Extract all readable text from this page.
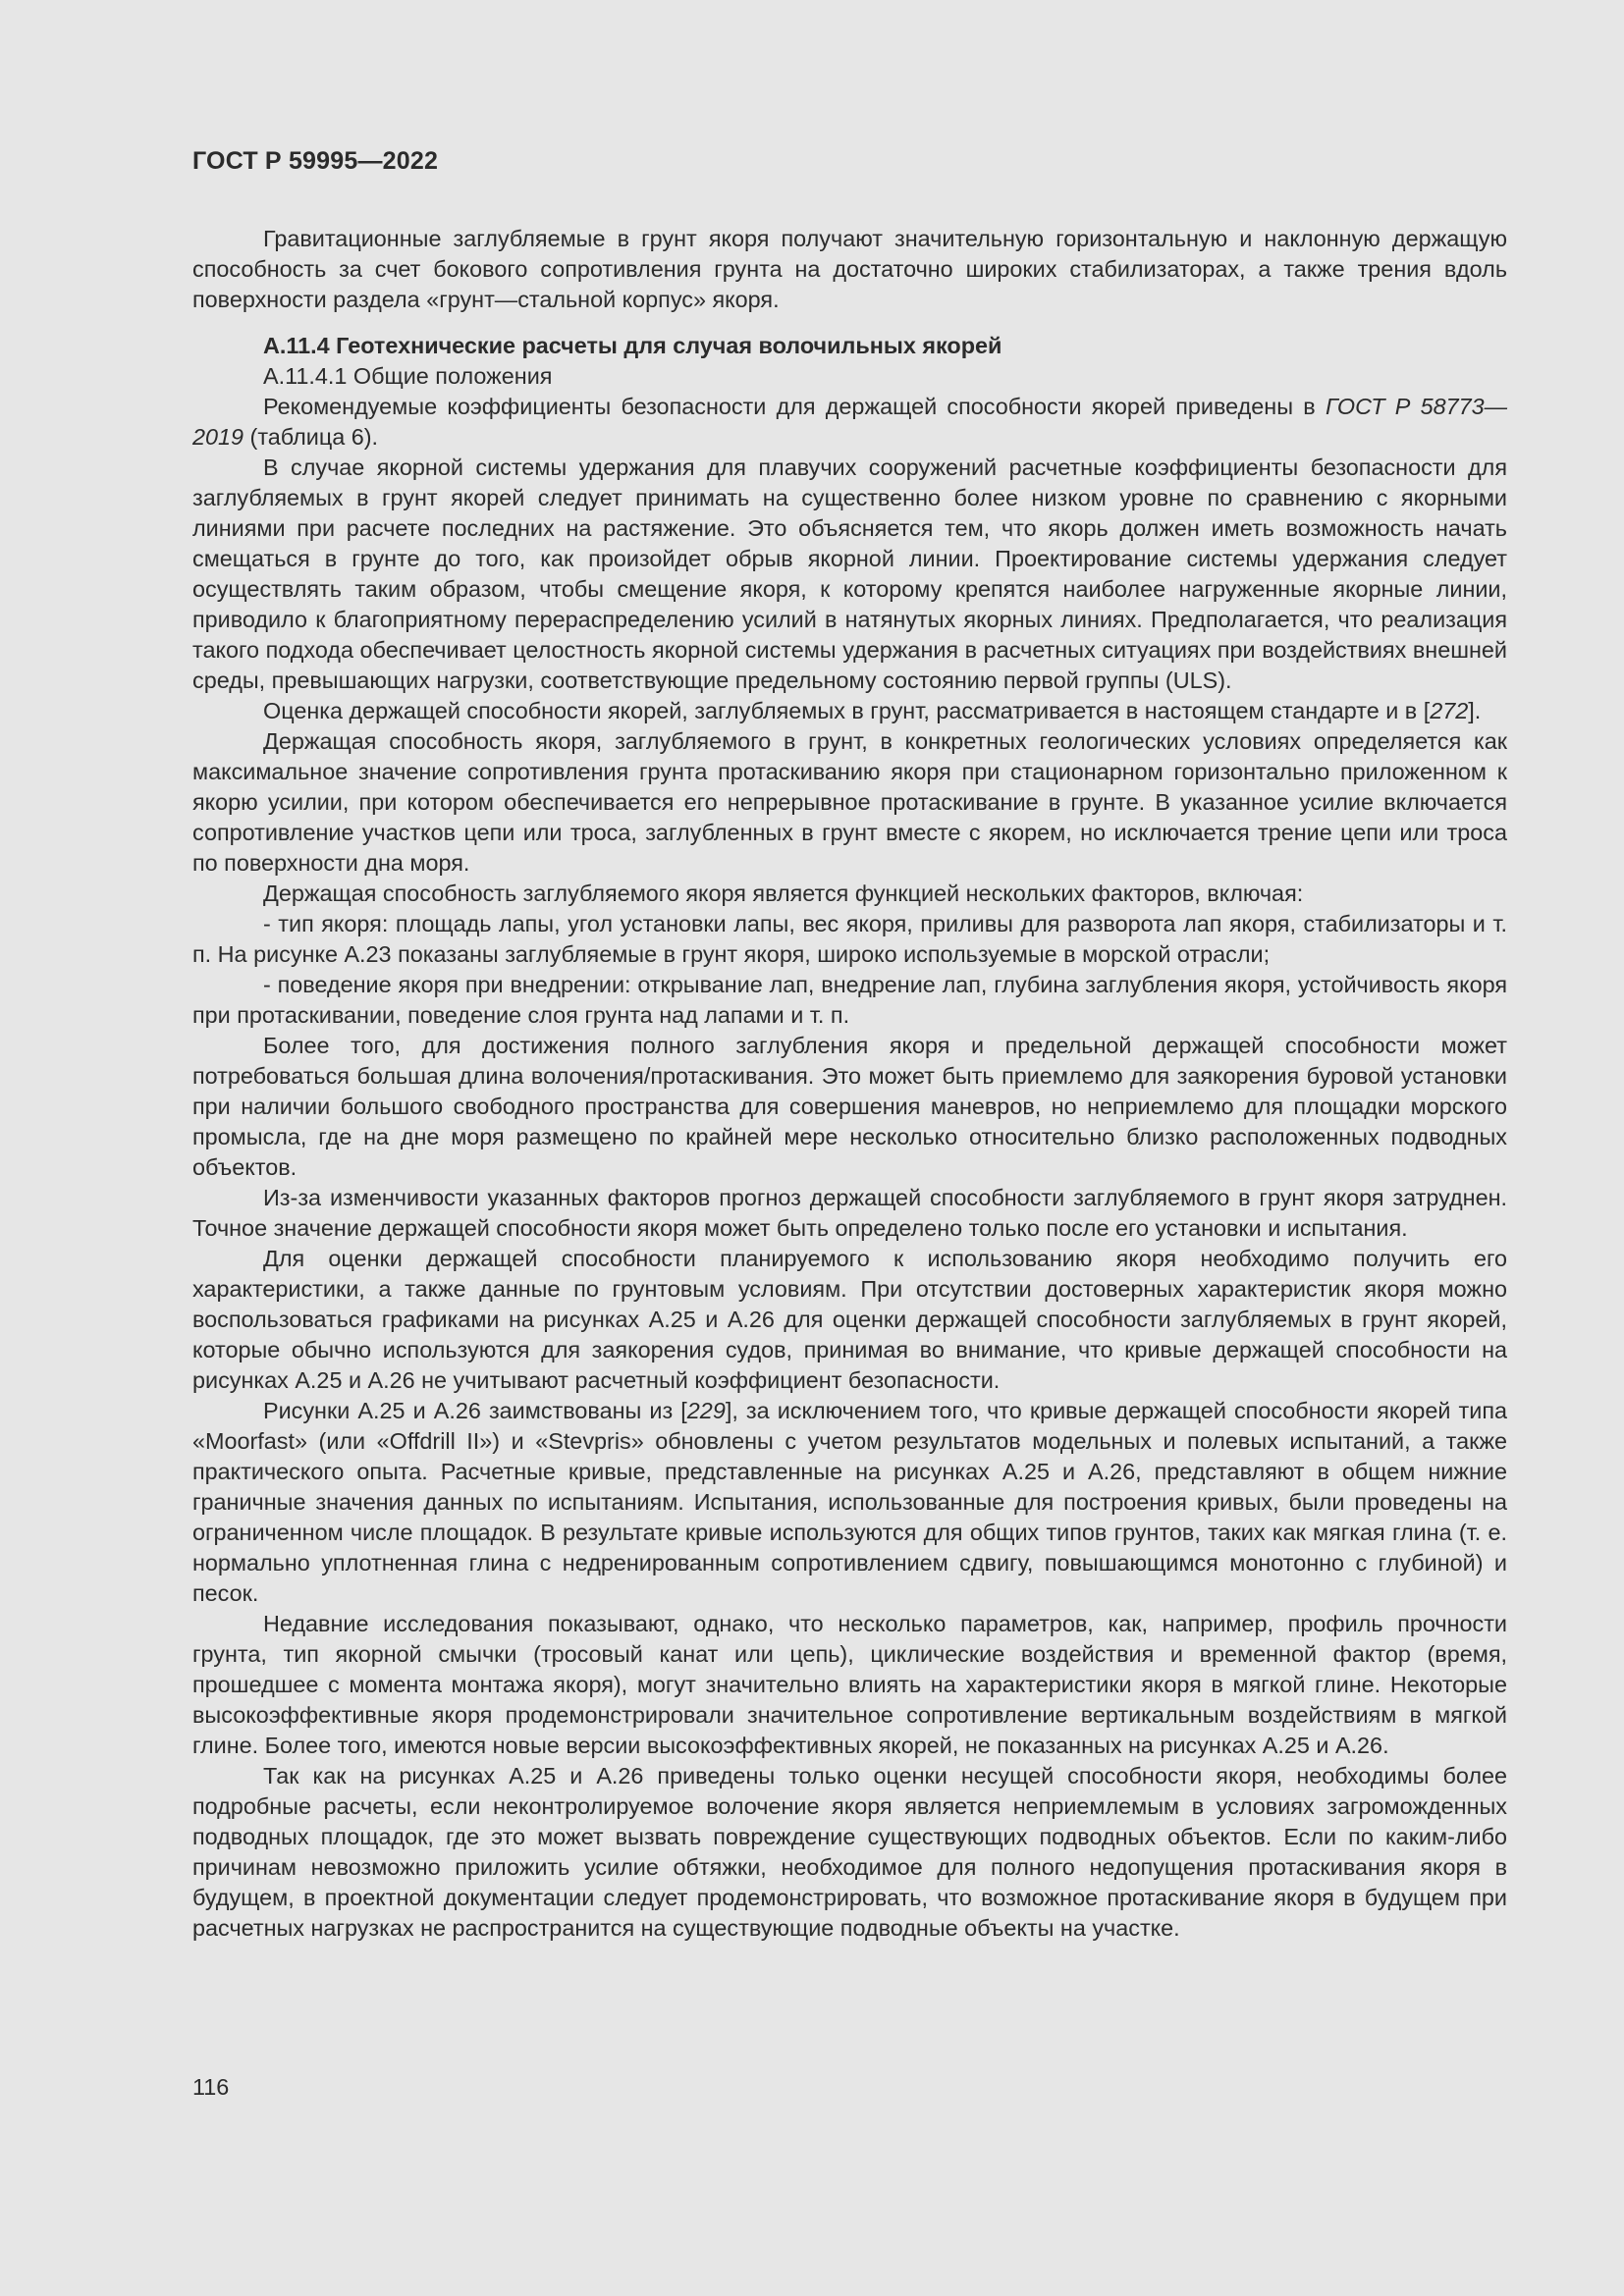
ГОСТ Р 59995—2022

Гравитационные заглубляемые в грунт якоря получают значительную горизонтальную и наклонную держащую способность за счет бокового сопротивления грунта на достаточно широких стабилизаторах, а также трения вдоль поверхности раздела «грунт—стальной корпус» якоря.

А.11.4 Геотехнические расчеты для случая волочильных якорей

А.11.4.1 Общие положения

Рекомендуемые коэффициенты безопасности для держащей способности якорей приведены в ГОСТ Р 58773—2019 (таблица 6).

В случае якорной системы удержания для плавучих сооружений расчетные коэффициенты безопасности для заглубляемых в грунт якорей следует принимать на существенно более низком уровне по сравнению с якорными линиями при расчете последних на растяжение. Это объясняется тем, что якорь должен иметь возможность начать смещаться в грунте до того, как произойдет обрыв якорной линии. Проектирование системы удержания следует осуществлять таким образом, чтобы смещение якоря, к которому крепятся наиболее нагруженные якорные линии, приводило к благоприятному перераспределению усилий в натянутых якорных линиях. Предполагается, что реализация такого подхода обеспечивает целостность якорной системы удержания в расчетных ситуациях при воздействиях внешней среды, превышающих нагрузки, соответствующие предельному состоянию первой группы (ULS).

Оценка держащей способности якорей, заглубляемых в грунт, рассматривается в настоящем стандарте и в [272].

Держащая способность якоря, заглубляемого в грунт, в конкретных геологических условиях определяется как максимальное значение сопротивления грунта протаскиванию якоря при стационарном горизонтально приложенном к якорю усилии, при котором обеспечивается его непрерывное протаскивание в грунте. В указанное усилие включается сопротивление участков цепи или троса, заглубленных в грунт вместе с якорем, но исключается трение цепи или троса по поверхности дна моря.

Держащая способность заглубляемого якоря является функцией нескольких факторов, включая:

- тип якоря: площадь лапы, угол установки лапы, вес якоря, приливы для разворота лап якоря, стабилизаторы и т. п. На рисунке А.23 показаны заглубляемые в грунт якоря, широко используемые в морской отрасли;

- поведение якоря при внедрении: открывание лап, внедрение лап, глубина заглубления якоря, устойчивость якоря при протаскивании, поведение слоя грунта над лапами и т. п.

Более того, для достижения полного заглубления якоря и предельной держащей способности может потребоваться большая длина волочения/протаскивания. Это может быть приемлемо для заякорения буровой установки при наличии большого свободного пространства для совершения маневров, но неприемлемо для площадки морского промысла, где на дне моря размещено по крайней мере несколько относительно близко расположенных подводных объектов.

Из-за изменчивости указанных факторов прогноз держащей способности заглубляемого в грунт якоря затруднен. Точное значение держащей способности якоря может быть определено только после его установки и испытания.

Для оценки держащей способности планируемого к использованию якоря необходимо получить его характеристики, а также данные по грунтовым условиям. При отсутствии достоверных характеристик якоря можно воспользоваться графиками на рисунках А.25 и А.26 для оценки держащей способности заглубляемых в грунт якорей, которые обычно используются для заякорения судов, принимая во внимание, что кривые держащей способности на рисунках А.25 и А.26 не учитывают расчетный коэффициент безопасности.

Рисунки А.25 и А.26 заимствованы из [229], за исключением того, что кривые держащей способности якорей типа «Moorfast» (или «Offdrill II») и «Stevpris» обновлены с учетом результатов модельных и полевых испытаний, а также практического опыта. Расчетные кривые, представленные на рисунках А.25 и А.26, представляют в общем нижние граничные значения данных по испытаниям. Испытания, использованные для построения кривых, были проведены на ограниченном числе площадок. В результате кривые используются для общих типов грунтов, таких как мягкая глина (т. е. нормально уплотненная глина с недренированным сопротивлением сдвигу, повышающимся монотонно с глубиной) и песок.

Недавние исследования показывают, однако, что несколько параметров, как, например, профиль прочности грунта, тип якорной смычки (тросовый канат или цепь), циклические воздействия и временной фактор (время, прошедшее с момента монтажа якоря), могут значительно влиять на характеристики якоря в мягкой глине. Некоторые высокоэффективные якоря продемонстрировали значительное сопротивление вертикальным воздействиям в мягкой глине. Более того, имеются новые версии высокоэффективных якорей, не показанных на рисунках А.25 и А.26.

Так как на рисунках А.25 и А.26 приведены только оценки несущей способности якоря, необходимы более подробные расчеты, если неконтролируемое волочение якоря является неприемлемым в условиях загроможденных подводных площадок, где это может вызвать повреждение существующих подводных объектов. Если по каким-либо причинам невозможно приложить усилие обтяжки, необходимое для полного недопущения протаскивания якоря в будущем, в проектной документации следует продемонстрировать, что возможное протаскивание якоря в будущем при расчетных нагрузках не распространится на существующие подводные объекты на участке.

116
